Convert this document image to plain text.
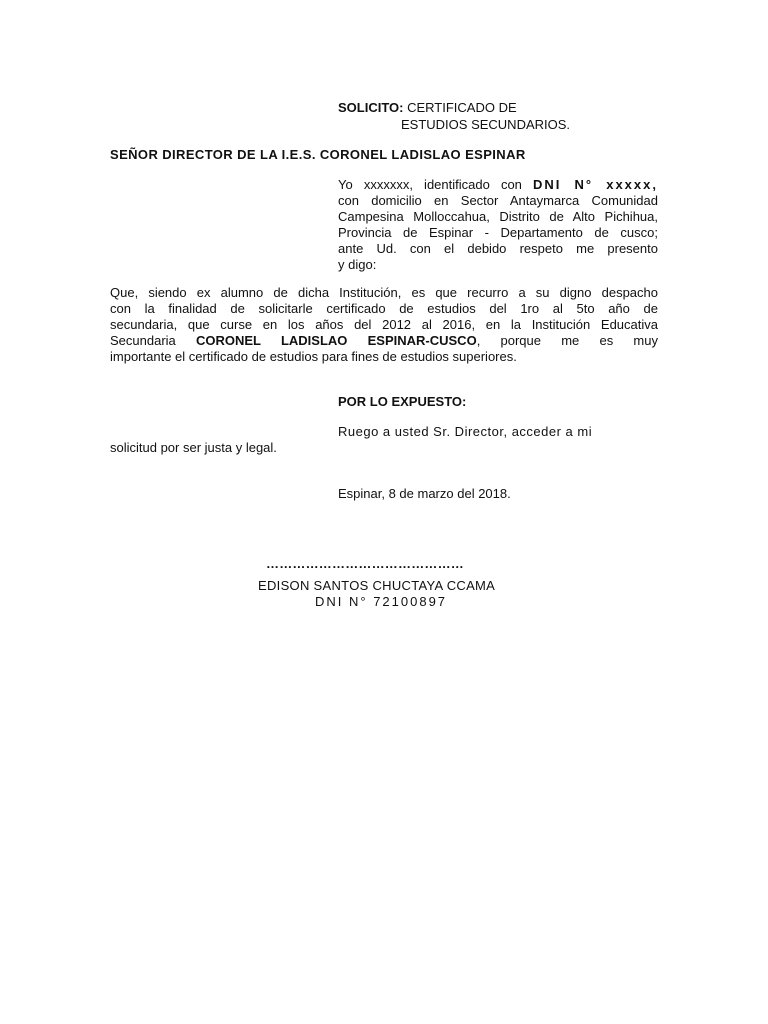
SOLICITO: CERTIFICADO DE
ESTUDIOS SECUNDARIOS.
SEÑOR DIRECTOR DE LA I.E.S. CORONEL LADISLAO ESPINAR
Yo xxxxxxx, identificado con DNI N° xxxxx,
con domicilio en Sector Antaymarca Comunidad
Campesina Molloccahua, Distrito de Alto Pichihua,
Provincia de Espinar - Departamento de cusco;
ante Ud. con el debido respeto me presento
y digo:
Que, siendo ex alumno de dicha Institución, es que recurro a su digno despacho
con la finalidad de solicitarle certificado de estudios del 1ro al 5to año de
secundaria, que curse en los años del 2012 al 2016, en la Institución Educativa
Secundaria CORONEL LADISLAO ESPINAR-CUSCO, porque me es muy
importante el certificado de estudios para fines de estudios superiores.
POR LO EXPUESTO:
Ruego a usted Sr. Director, acceder a mi
solicitud por ser justa y legal.
Espinar, 8 de marzo del 2018.
………………………………………
EDISON SANTOS CHUCTAYA CCAMA
DNI N° 72100897
